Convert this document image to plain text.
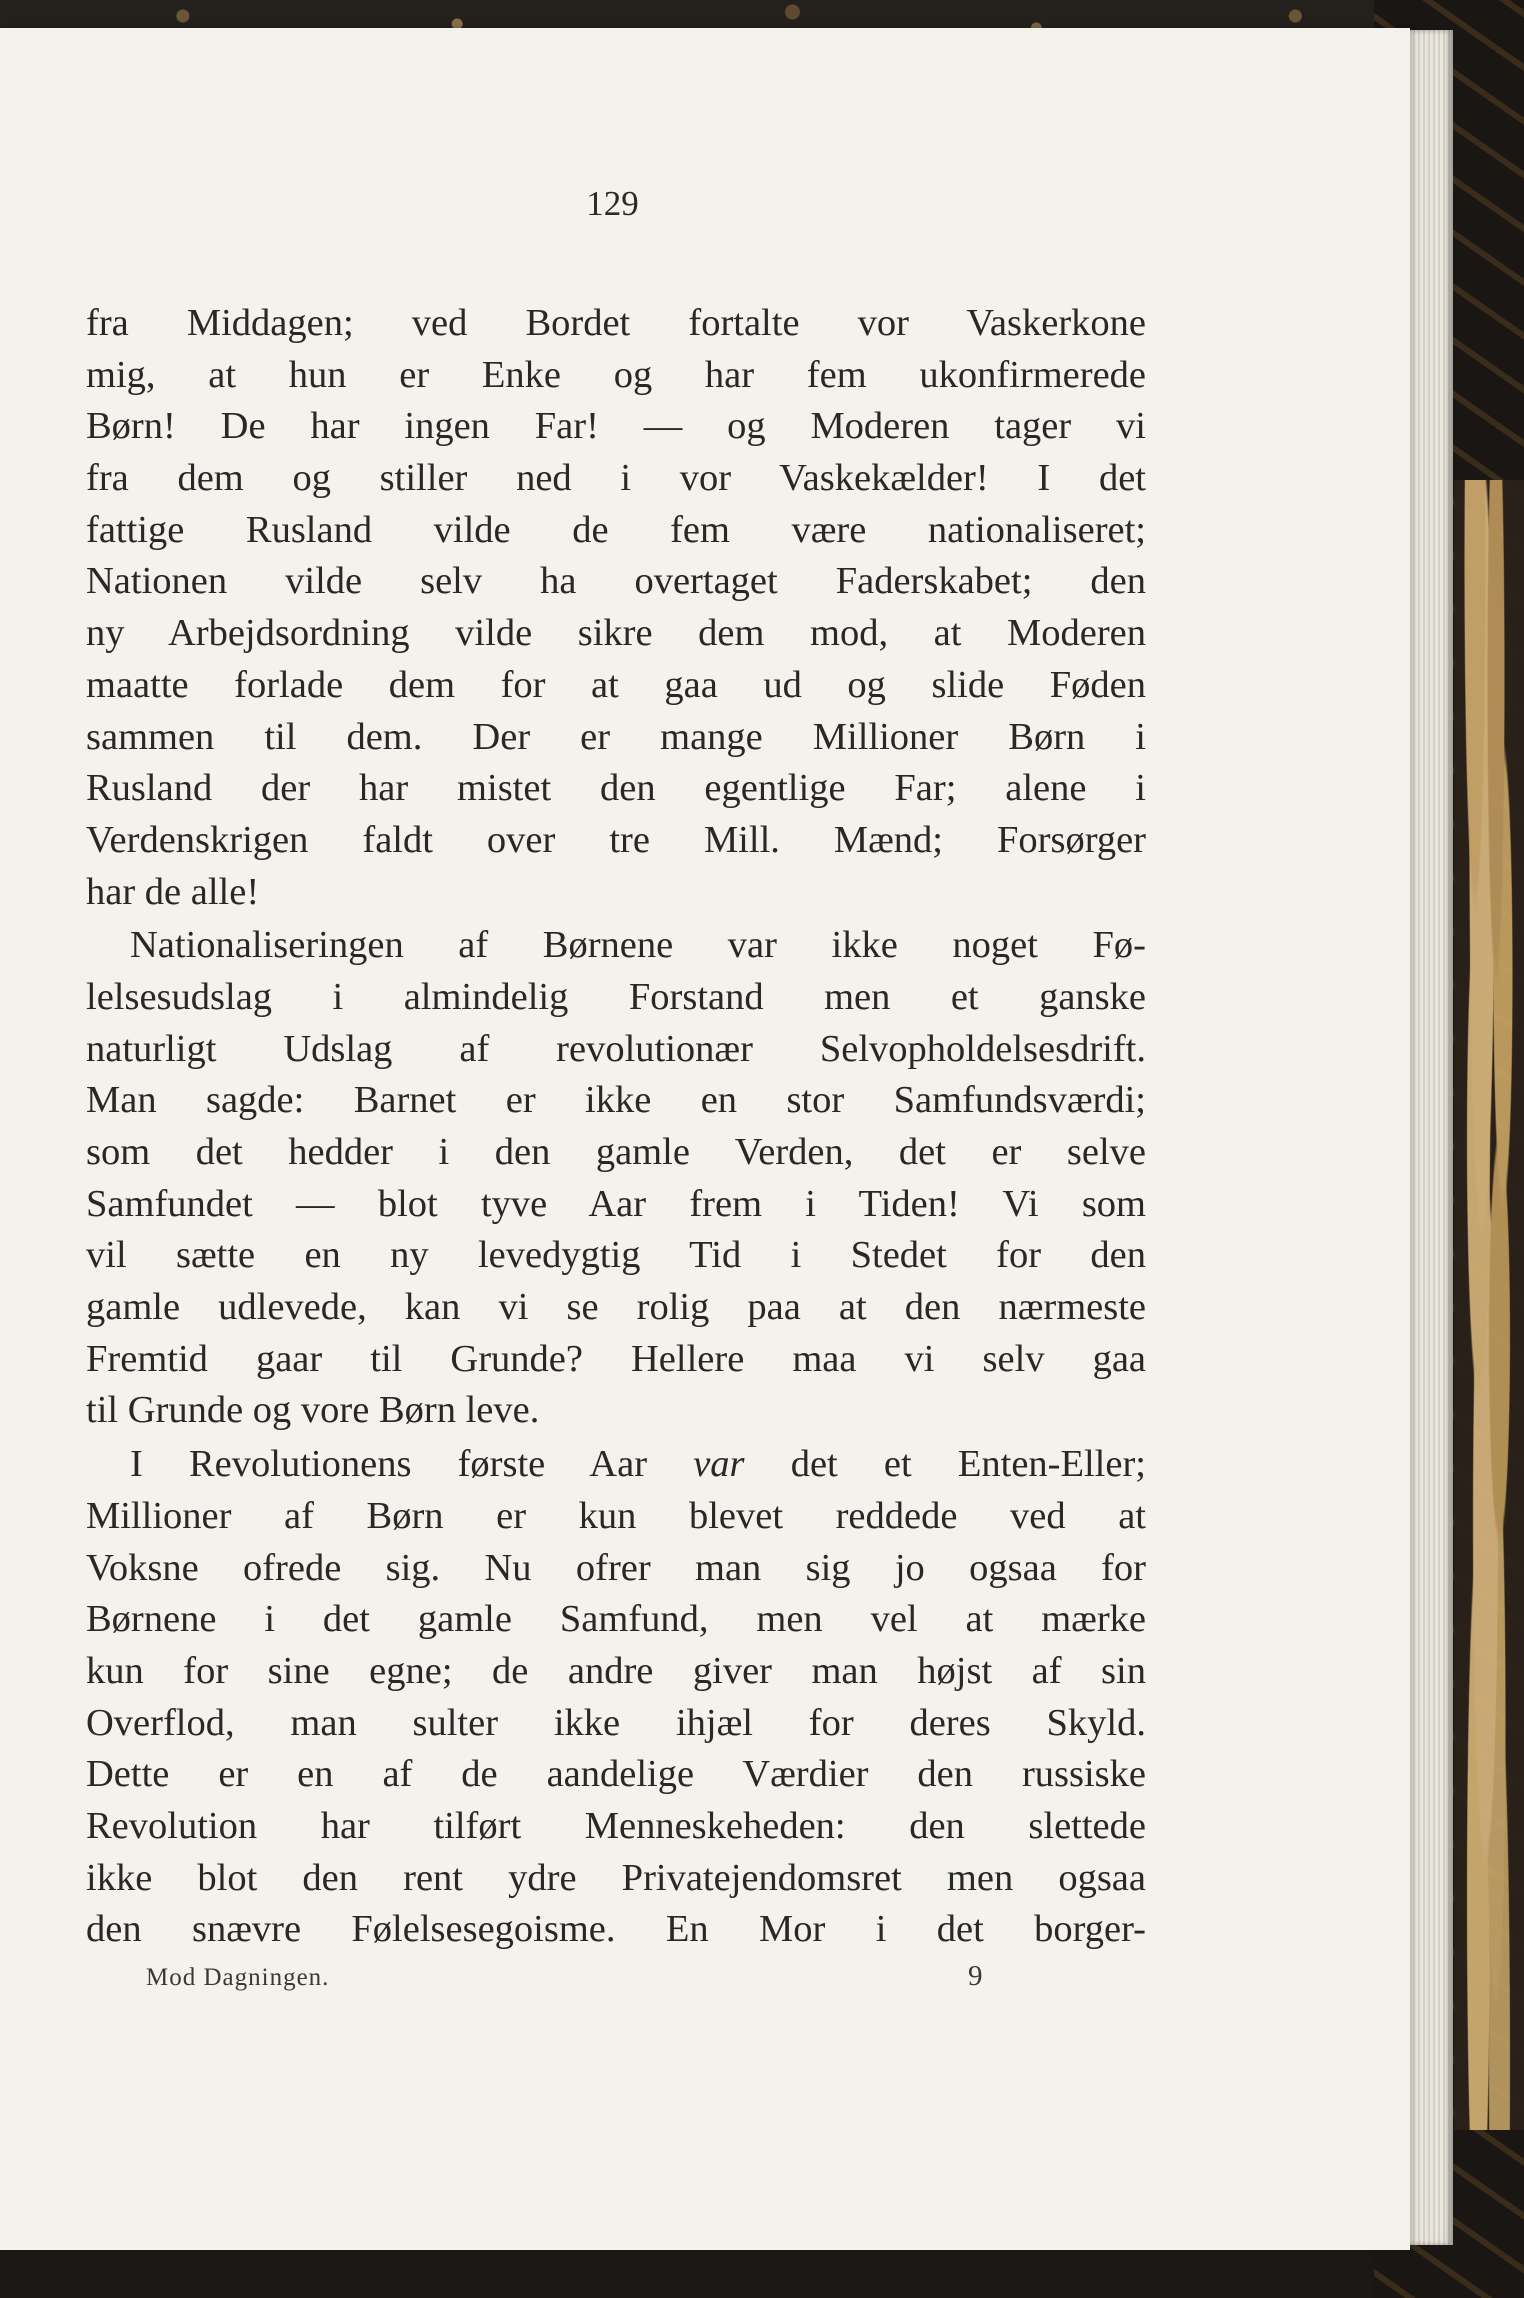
129
fra Middagen; ved Bordet fortalte vor Vaskerkone
mig, at hun er Enke og har fem ukonfirmerede
Børn! De har ingen Far! — og Moderen tager vi
fra dem og stiller ned i vor Vaskekælder! I det
fattige Rusland vilde de fem være nationaliseret;
Nationen vilde selv ha overtaget Faderskabet; den
ny Arbejdsordning vilde sikre dem mod, at Moderen
maatte forlade dem for at gaa ud og slide Føden
sammen til dem. Der er mange Millioner Børn i
Rusland der har mistet den egentlige Far; alene i
Verdenskrigen faldt over tre Mill. Mænd; Forsørger
har de alle!
Nationaliseringen af Børnene var ikke noget Fø-
lelsesudslag i almindelig Forstand men et ganske
naturligt Udslag af revolutionær Selvopholdelsesdrift.
Man sagde: Barnet er ikke en stor Samfundsværdi;
som det hedder i den gamle Verden, det er selve
Samfundet — blot tyve Aar frem i Tiden! Vi som
vil sætte en ny levedygtig Tid i Stedet for den
gamle udlevede, kan vi se rolig paa at den nærmeste
Fremtid gaar til Grunde? Hellere maa vi selv gaa
til Grunde og vore Børn leve.
I Revolutionens første Aar var det et Enten-Eller;
Millioner af Børn er kun blevet reddede ved at
Voksne ofrede sig. Nu ofrer man sig jo ogsaa for
Børnene i det gamle Samfund, men vel at mærke
kun for sine egne; de andre giver man højst af sin
Overflod, man sulter ikke ihjæl for deres Skyld.
Dette er en af de aandelige Værdier den russiske
Revolution har tilført Menneskeheden: den slettede
ikke blot den rent ydre Privatejendomsret men ogsaa
den snævre Følelsesegoisme. En Mor i det borger-
Mod Dagningen.	9
